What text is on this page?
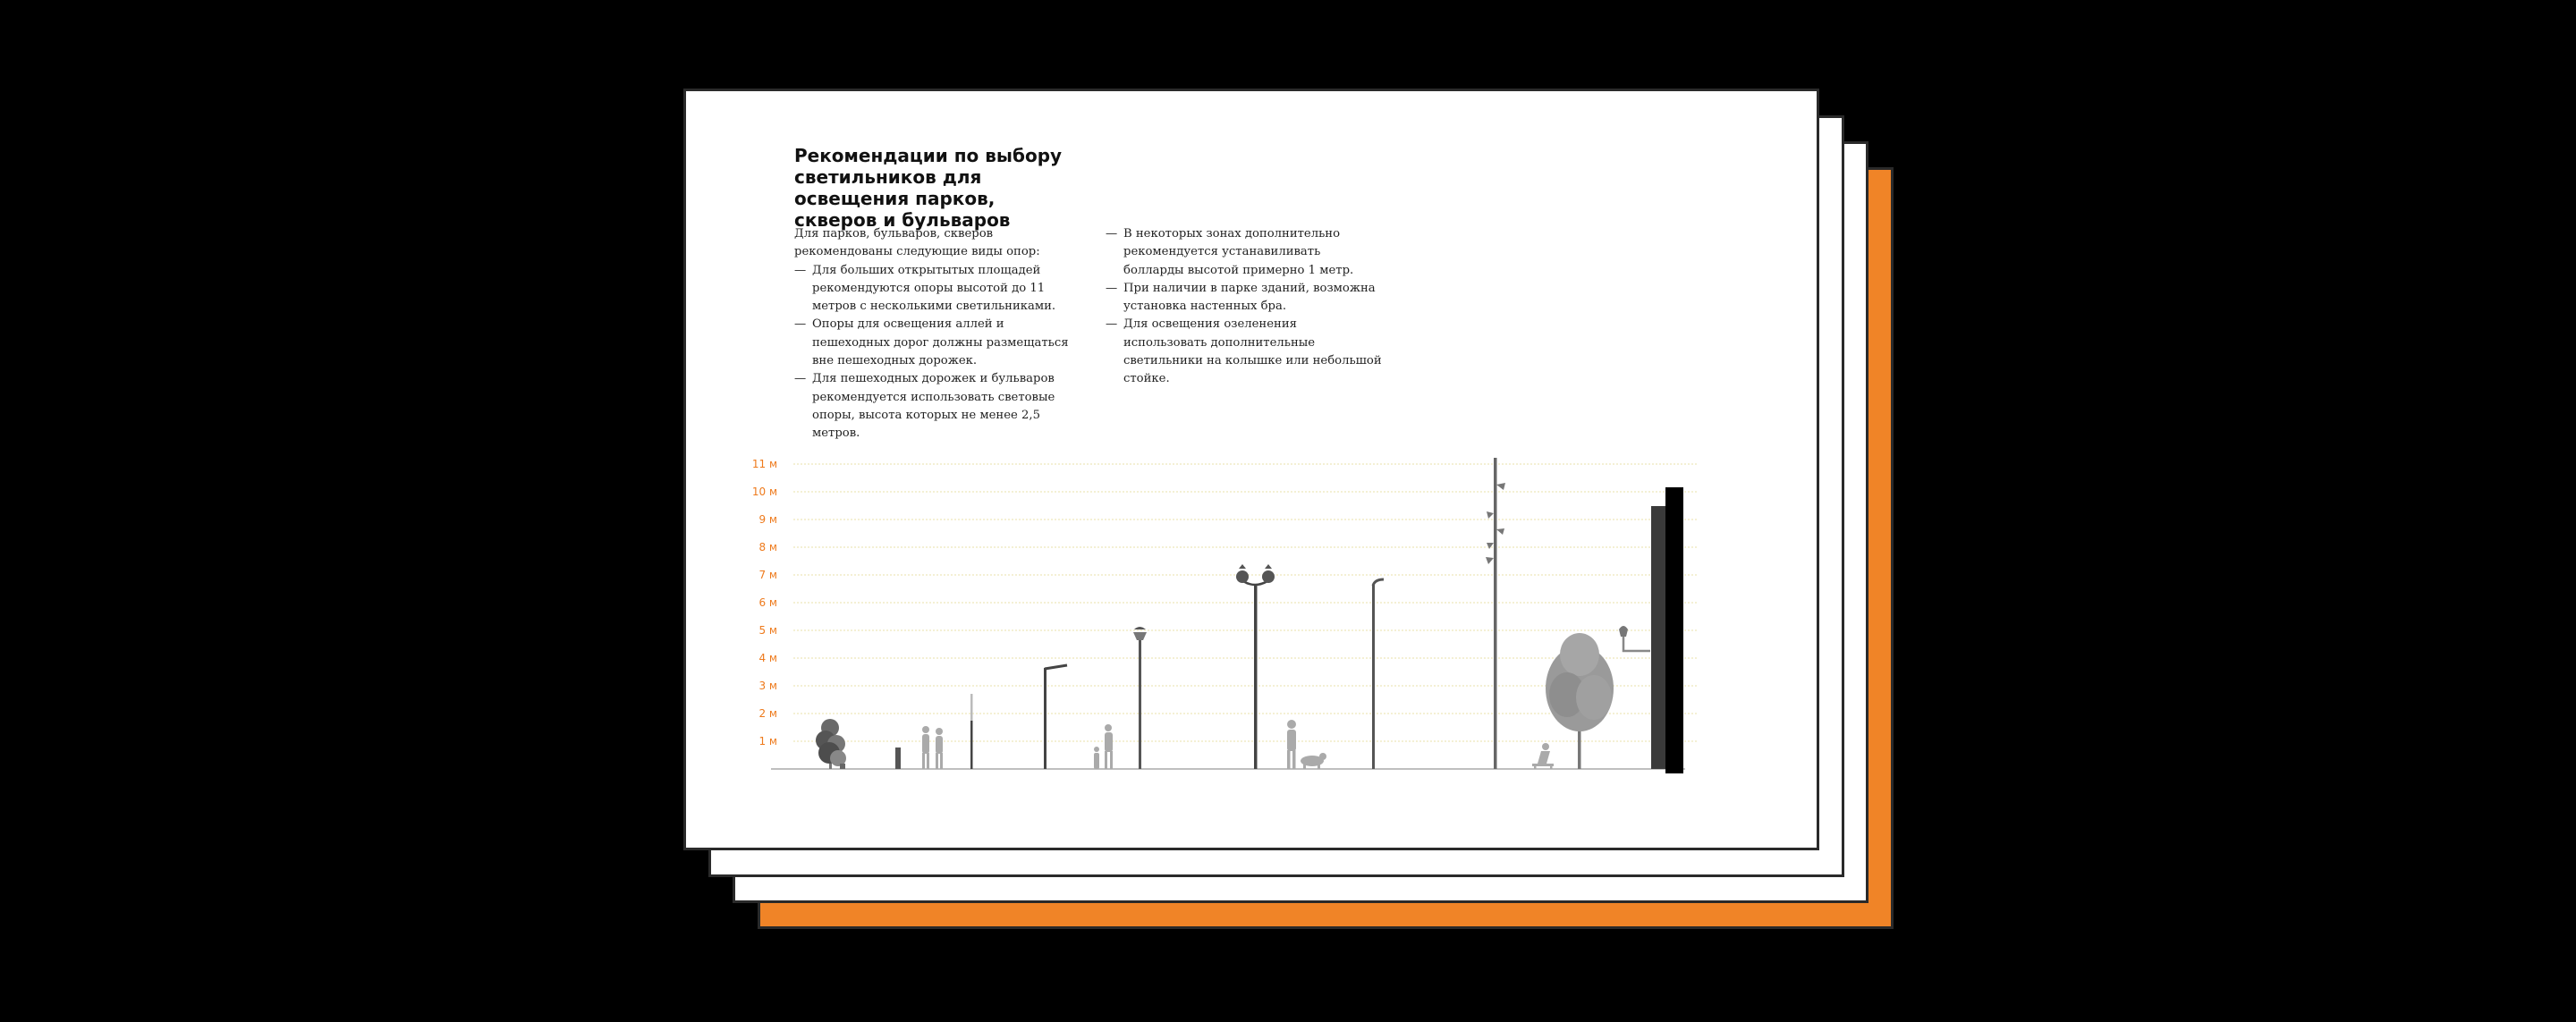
Рекомендации по выбору светильников для освещения парков, скверов и бульваров

Для парков, бульваров, скверов рекомендованы следующие виды опор:

— Для больших открытытых площадей рекомендуются опоры высотой до 11 метров с несколькими светильниками.
— Опоры для освещения аллей и пешеходных дорог должны размещаться вне пешеходных дорожек.
— Для пешеходных дорожек и бульваров рекомендуется использовать световые опоры, высота которых не менее 2,5 метров.
— В некоторых зонах дополнительно рекомендуется устанавиливать болларды высотой примерно 1 метр.
— При наличии в парке зданий, возможна установка настенных бра.
— Для освещения озеленения использовать дополнительные светильники на колышке или небольшой стойке.
1 м
2 м
3 м
4 м
5 м
6 м
7 м
8 м
9 м
10 м
11 м
